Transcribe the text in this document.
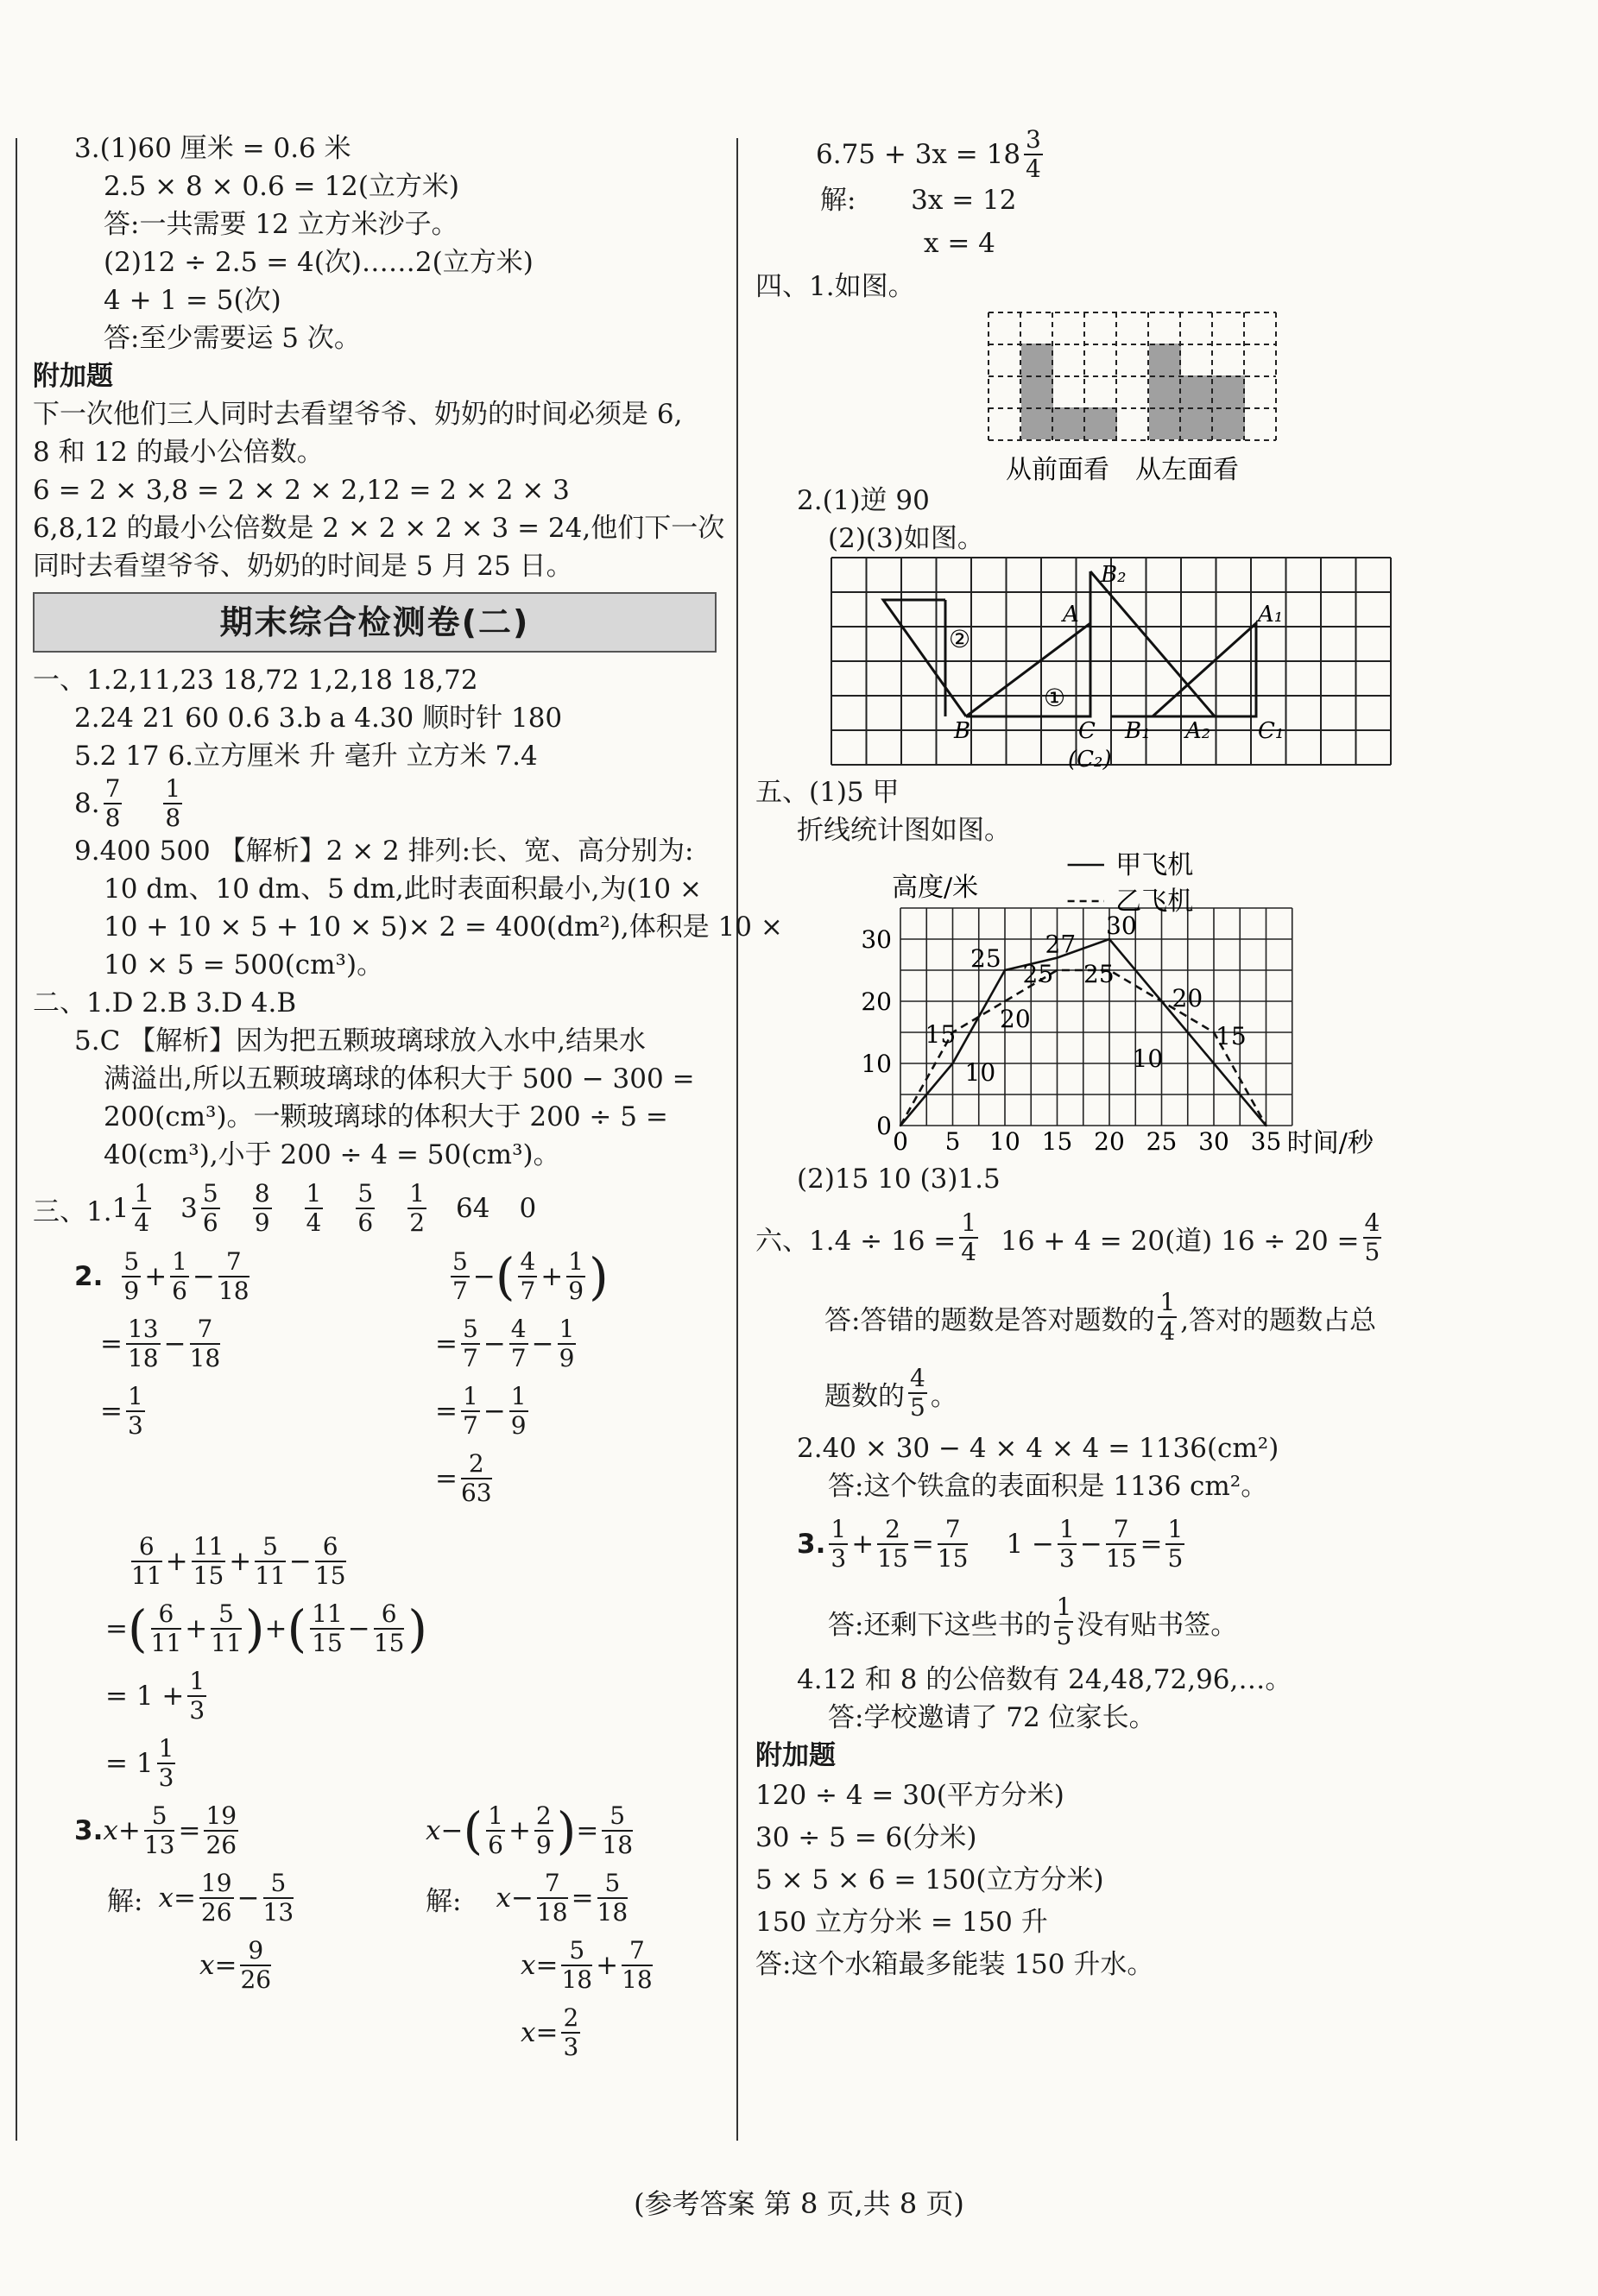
3.(1)60 厘米 = 0.6 米
2.5 × 8 × 0.6 = 12(立方米)
答:一共需要 12 立方米沙子。
(2)12 ÷ 2.5 = 4(次)……2(立方米)
4 + 1 = 5(次)
答:至少需要运 5 次。
附加题
下一次他们三人同时去看望爷爷、奶奶的时间必须是 6,
8 和 12 的最小公倍数。
6 = 2 × 3,8 = 2 × 2 × 2,12 = 2 × 2 × 3
6,8,12 的最小公倍数是 2 × 2 × 2 × 3 = 24,他们下一次
同时去看望爷爷、奶奶的时间是 5 月 25 日。
期末综合检测卷(二)
一、1.2,11,23 18,72 1,2,18 18,72
2.24 21 60 0.6 3.b a 4.30 顺时针 180
5.2 17 6.立方厘米 升 毫升 立方米 7.4
8. $\frac{7}{8} \frac{1}{8}$
9.400 500 【解析】2 × 2 排列:长、宽、高分别为:
10 dm、10 dm、5 dm,此时表面积最小,为(10 ×
10 + 10 × 5 + 10 × 5)× 2 = 400(dm²),体积是 10 ×
10 × 5 = 500(cm³)。
二、1.D 2.B 3.D 4.B
5.C 【解析】因为把五颗玻璃球放入水中,结果水
满溢出,所以五颗玻璃球的体积大于 500 − 300 =
200(cm³)。一颗玻璃球的体积大于 200 ÷ 5 =
40(cm³),小于 200 ÷ 4 = 50(cm³)。
三、1. $1 \frac{1}{4} 3 \frac{5}{6} \frac{8}{9} \frac{1}{4} \frac{5}{6} \frac{1}{2} 64$ 0
2. $\frac{5}{9} + \frac{1}{6} - \frac{7}{18}$
= $\frac{13}{18} - \frac{7}{18}$
= $\frac{1}{3}$
$\frac{5}{7}$ − ( $\frac{4}{7} + \frac{1}{9}$ )
= $\frac{5}{7} - \frac{4}{7} - \frac{1}{9}$
= $\frac{1}{7} - \frac{1}{9}$
= $\frac{2}{63}$
$\frac{6}{11} + \frac{11}{15} + \frac{5}{11} - \frac{6}{15}$
= ( $\frac{6}{11} + \frac{5}{11}$ ) + ( $\frac{11}{15} - \frac{6}{15}$ )
= $1 + \frac{1}{3}$
= $1 \frac{1}{3}$
3. $x + \frac{5}{13} = \frac{19}{26}$
解: $x = \frac{19}{26} - \frac{5}{13}$
$x = \frac{9}{26}$
x − ( $\frac{1}{6} + \frac{2}{9}$ ) = $\frac{5}{18}$
解: $x - \frac{7}{18} = \frac{5}{18}$
$x = \frac{5}{18} + \frac{7}{18}$
$x = \frac{2}{3}$
$6.75 + 3x = 18 \frac{3}{4}$
解: 3x = 12
x = 4
四、1.如图。
从前面看 从左面看
2.(1)逆 90
(2)(3)如图。
B₂
A	A₁
②
①
B	C B₁ A₂ C₁
(C₂)
五、(1)5 甲
折线统计图如图。
高度/米
时间/秒
0 5 10 15 20 25 30 35
0
10
20
30	30
27
25
25 25
20
20
15	15
10	10
甲飞机
乙飞机
(2)15 10 (3)1.5
六、$1.4 \div 16 = \frac{1}{4} 16 + 4 = 20$(道) $16 \div 20 = \frac{4}{5}$
答:答错的题数是答对题数的 $\frac{1}{4}$ ,答对的题数占总
题数的 $\frac{4}{5}$ 。
2.40 × 30 − 4 × 4 × 4 = 1136(cm²)
答:这个铁盒的表面积是 1136 cm²。
3. $\frac{1}{3} + \frac{2}{15} = \frac{7}{15} 1 - \frac{1}{3} - \frac{7}{15} = \frac{1}{5}$
答:还剩下这些书的 $\frac{1}{5}$ 没有贴书签。
4.12 和 8 的公倍数有 24,48,72,96,…。
答:学校邀请了 72 位家长。
附加题
120 ÷ 4 = 30(平方分米)
30 ÷ 5 = 6(分米)
5 × 5 × 6 = 150(立方分米)
150 立方分米 = 150 升
答:这个水箱最多能装 150 升水。
(参考答案 第 8 页,共 8 页)
